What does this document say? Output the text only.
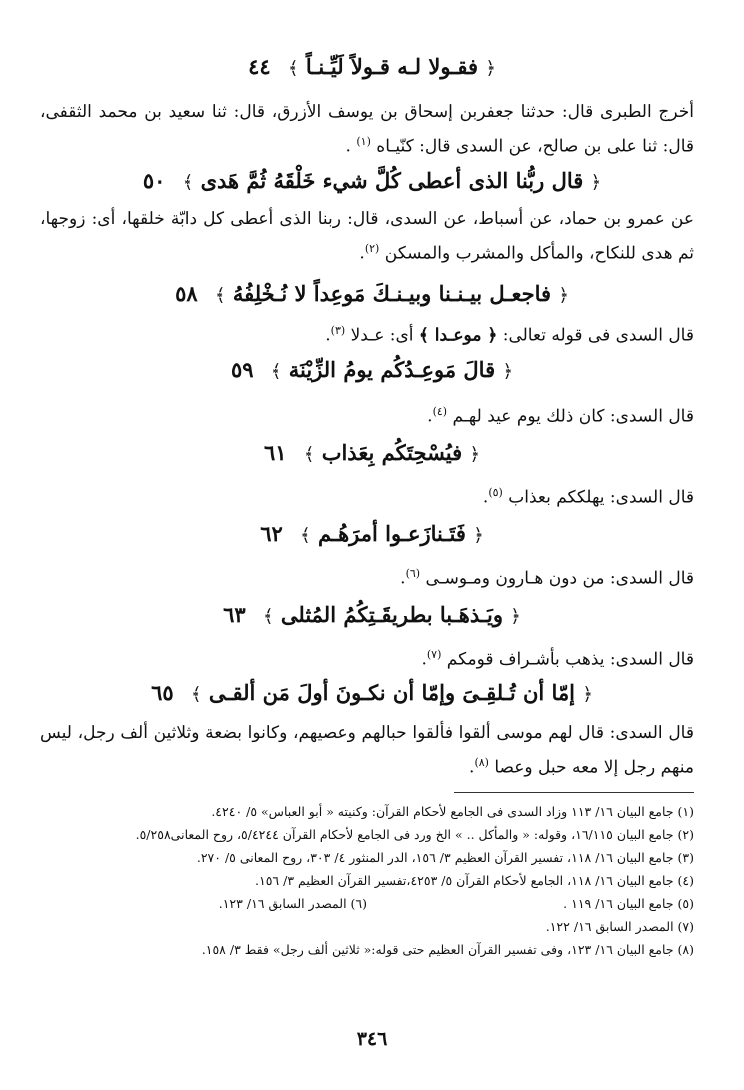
﴿ فقـولا لـه قـولاً لَيِّـنـاً ﴾ ٤٤
أخرج الطبرى قال: حدثنا جعفربن إسحاق بن يوسف الأزرق، قال: ثنا سعيد بن محمد الثقفى، قال: ثنا على بن صالح، عن السدى قال: كنّيـاه $^{(١)}$ .
﴿ قال ربُّنا الذى أعطى كُلَّ شيء خَلْقَهُ ثُمَّ هَدى ﴾ ٥٠
عن عمرو بن حماد، عن أسباط، عن السدى، قال: ربنا الذى أعطى كل دابّة خلقها، أى: زوجها، ثم هدى للنكاح، والمأكل والمشرب والمسكن $^{(٢)}$.
﴿ فاجعـل بيـنـنا وبيـنـكَ مَوعِداً لا نُـخْلِفُهُ ﴾ ٥٨
قال السدى فى قوله تعالى: ﴿ موعـدا ﴾ أى: عـدلا $^{(٣)}$.
﴿ قالَ مَوعِـدُكُم يومُ الزِّيْنَة ﴾ ٥٩
قال السدى: كان ذلك يوم عيد لهـم $^{(٤)}$.
﴿ فيُسْحِتَكُم بِعَذاب ﴾ ٦١
قال السدى: يهلككم بعذاب $^{(٥)}$.
﴿ فَتَـنازَعـوا أمرَهُـم ﴾ ٦٢
قال السدى: من دون هـارون ومـوسـى $^{(٦)}$.
﴿ ويَـذهَـبا بطريقَـتِكُمُ المُثلى ﴾ ٦٣
قال السدى: يذهب بأشـراف قومكم $^{(٧)}$.
﴿ إمّا أن تُـلقِـىَ وإمّا أن نكـونَ أولَ مَن ألقـى ﴾ ٦٥
قال السدى: قال لهم موسى ألقوا فألقوا حبالهم وعصيهم، وكانوا بضعة وثلاثين ألف رجل، ليس منهم رجل إلا معه حبل وعصا $^{(٨)}$.
(١) جامع البيان ١٦/ ١١٣ وزاد السدى فى الجامع لأحكام القرآن: وكنيته « أبو العباس» ٥/ ٤٢٤٠.
(٢) جامع البيان ١٦/١١٥، وقوله: « والمأكل .. » الخ ورد فى الجامع لأحكام القرآن ٥/٤٢٤٤، روح المعانى٥/٢٥٨.
(٣) جامع البيان ١٦/ ١١٨، تفسير القرآن العظيم ٣/ ١٥٦، الدر المنثور ٤/ ٣٠٣، روح المعانى ٥/ ٢٧٠.
(٤) جامع البيان ١٦/ ١١٨، الجامع لأحكام القرآن ٥/ ٤٢٥٣،تفسير القرآن العظيم ٣/ ١٥٦.
(٥) جامع البيان ١٦/ ١١٩ .
(٦) المصدر السابق ١٦/ ١٢٣.
(٧) المصدر السابق ١٦/ ١٢٢.
(٨) جامع البيان ١٦/ ١٢٣، وفى تفسير القرآن العظيم حتى قوله:« ثلاثين ألف رجل» فقط ٣/ ١٥٨.
٣٤٦
